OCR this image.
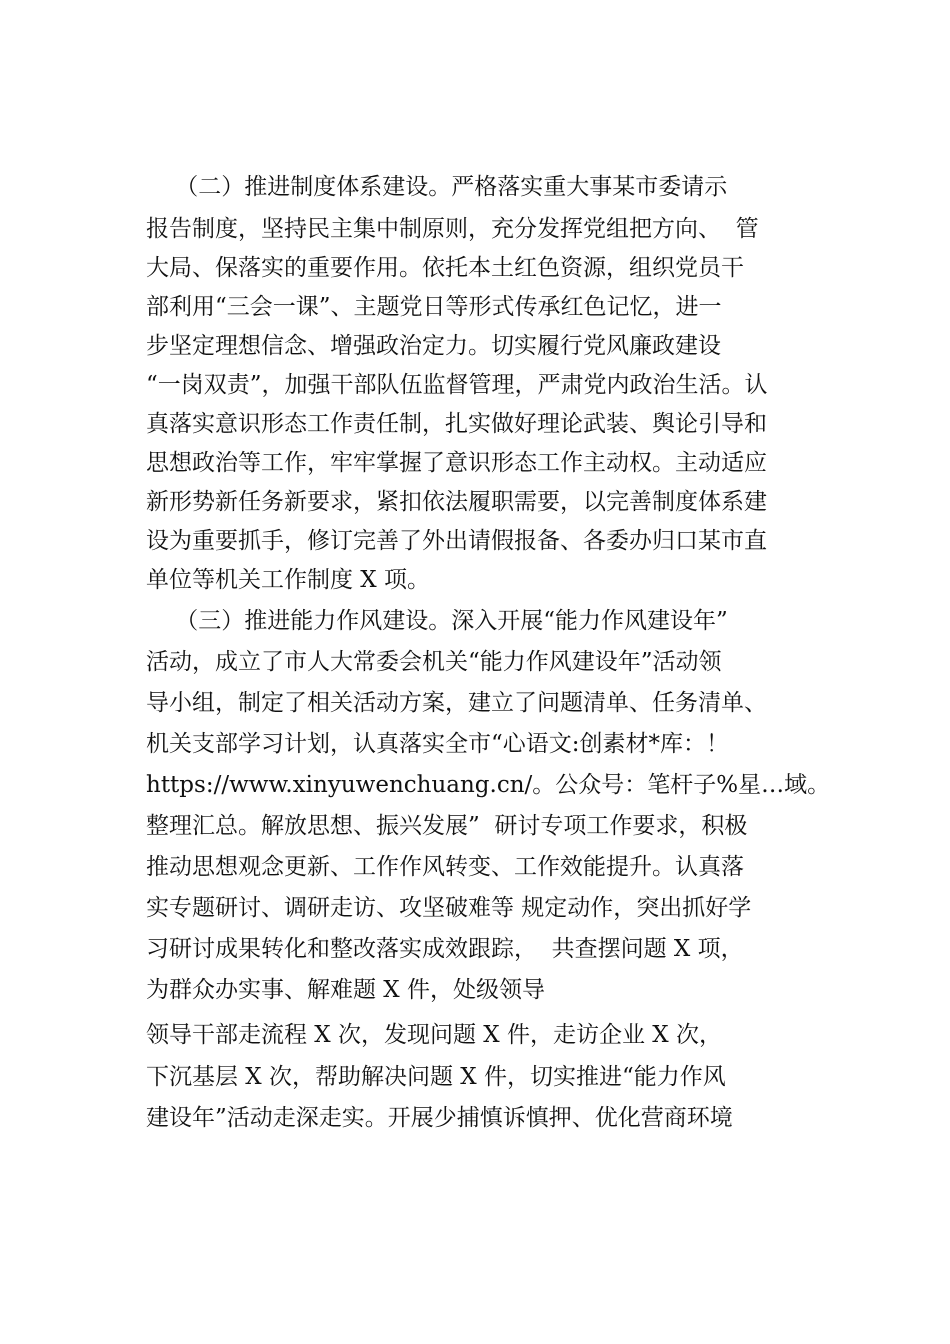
（二）推进制度体系建设。严格落实重大事某市委请示
报告制度，坚持民主集中制原则，充分发挥党组把方向、  管
大局、保落实的重要作用。依托本土红色资源，组织党员干
部利用“三会一课”、主题党日等形式传承红色记忆，进一
步坚定理想信念、增强政治定力。切实履行党风廉政建设
“一岗双责”，加强干部队伍监督管理，严肃党内政治生活。认
真落实意识形态工作责任制，扎实做好理论武装、舆论引导和
思想政治等工作，牢牢掌握了意识形态工作主动权。主动适应
新形势新任务新要求，紧扣依法履职需要，以完善制度体系建
设为重要抓手，修订完善了外出请假报备、各委办归口某市直
单位等机关工作制度 X 项。
（三）推进能力作风建设。深入开展“能力作风建设年”
活动，成立了市人大常委会机关“能力作风建设年”活动领
导小组，制定了相关活动方案，建立了问题清单、任务清单、
机关支部学习计划，认真落实全市“心语文:创素材*库：！
https://www.xinyuwenchuang.cn/。公众号：笔杆子%星…域。
整理汇总。解放思想、振兴发展”  研讨专项工作要求，积极
推动思想观念更新、工作作风转变、工作效能提升。认真落
实专题研讨、调研走访、攻坚破难等 规定动作，突出抓好学
习研讨成果转化和整改落实成效跟踪，  共查摆问题 X 项，
为群众办实事、解难题 X 件，处级领导
领导干部走流程 X 次，发现问题 X 件，走访企业 X 次，
下沉基层 X 次，帮助解决问题 X 件，切实推进“能力作风
建设年”活动走深走实。开展少捕慎诉慎押、优化营商环境
